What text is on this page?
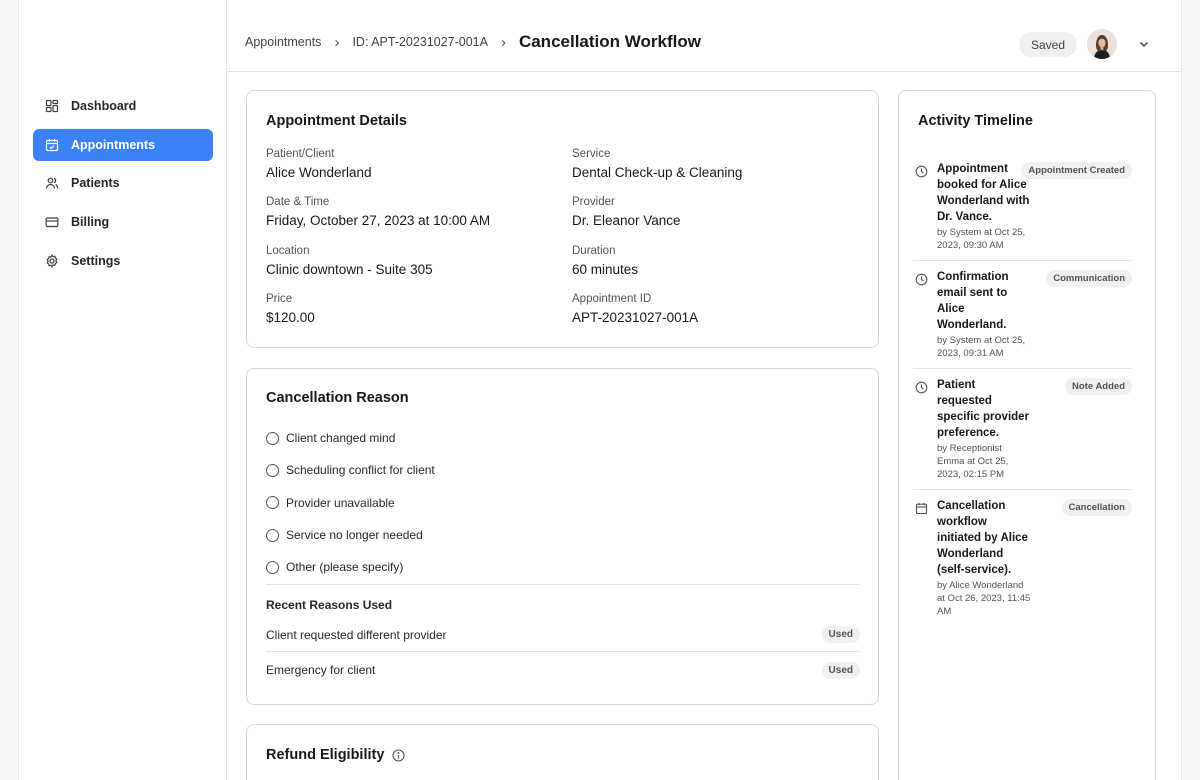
Dashboard
Appointments
Patients
Billing
Settings
Appointments › ID: APT-20231027-001A › Cancellation Workflow	Saved
Appointment Details
Patient/Client
Alice Wonderland
Service
Dental Check-up & Cleaning
Date & Time
Friday, October 27, 2023 at 10:00 AM
Provider
Dr. Eleanor Vance
Location
Clinic downtown - Suite 305
Duration
60 minutes
Price
$120.00
Appointment ID
APT-20231027-001A
Cancellation Reason
Client changed mind
Scheduling conflict for client
Provider unavailable
Service no longer needed
Other (please specify)
Recent Reasons Used
Client requested different provider	Used
Emergency for client	Used
Refund Eligibility
Activity Timeline
Appointment booked for Alice Wonderland with Dr. Vance.
by System at Oct 25, 2023, 09:30 AM
Appointment Created
Confirmation email sent to Alice Wonderland.
by System at Oct 25, 2023, 09:31 AM
Communication
Patient requested specific provider preference.
by Receptionist Emma at Oct 25, 2023, 02:15 PM
Note Added
Cancellation workflow initiated by Alice Wonderland (self-service).
by Alice Wonderland at Oct 26, 2023, 11:45 AM
Cancellation
